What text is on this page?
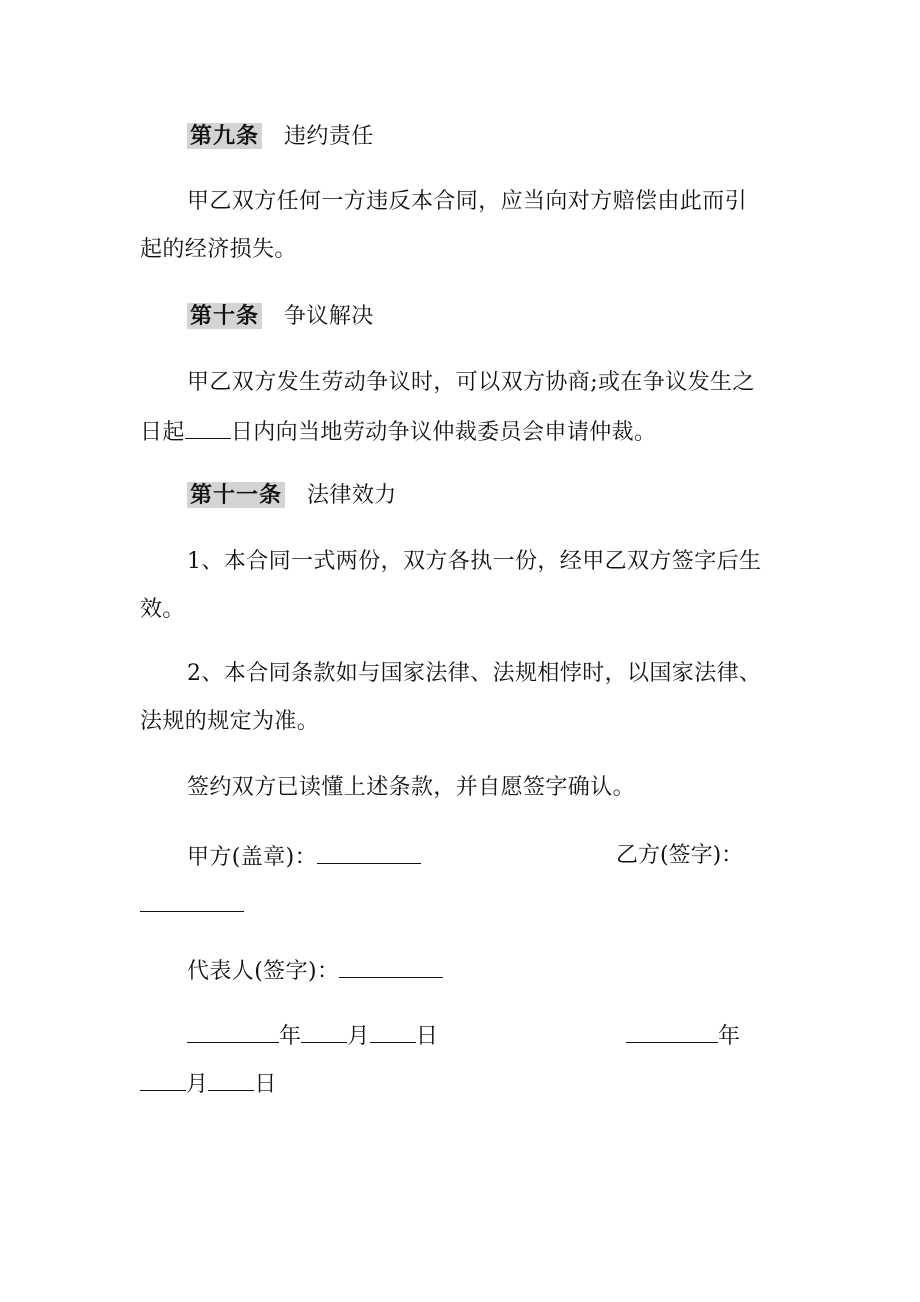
第九条 违约责任
甲乙双方任何一方违反本合同，应当向对方赔偿由此而引
起的经济损失。
第十条 争议解决
甲乙双方发生劳动争议时，可以双方协商;或在争议发生之
日起 日内向当地劳动争议仲裁委员会申请仲裁。
第十一条 法律效力
1、本合同一式两份，双方各执一份，经甲乙双方签字后生
效。
2、本合同条款如与国家法律、法规相悖时，以国家法律、
法规的规定为准。
签约双方已读懂上述条款，并自愿签字确认。
甲方(盖章)：	乙方(签字)：
代表人(签字)：
年 月 日	年
月 日
